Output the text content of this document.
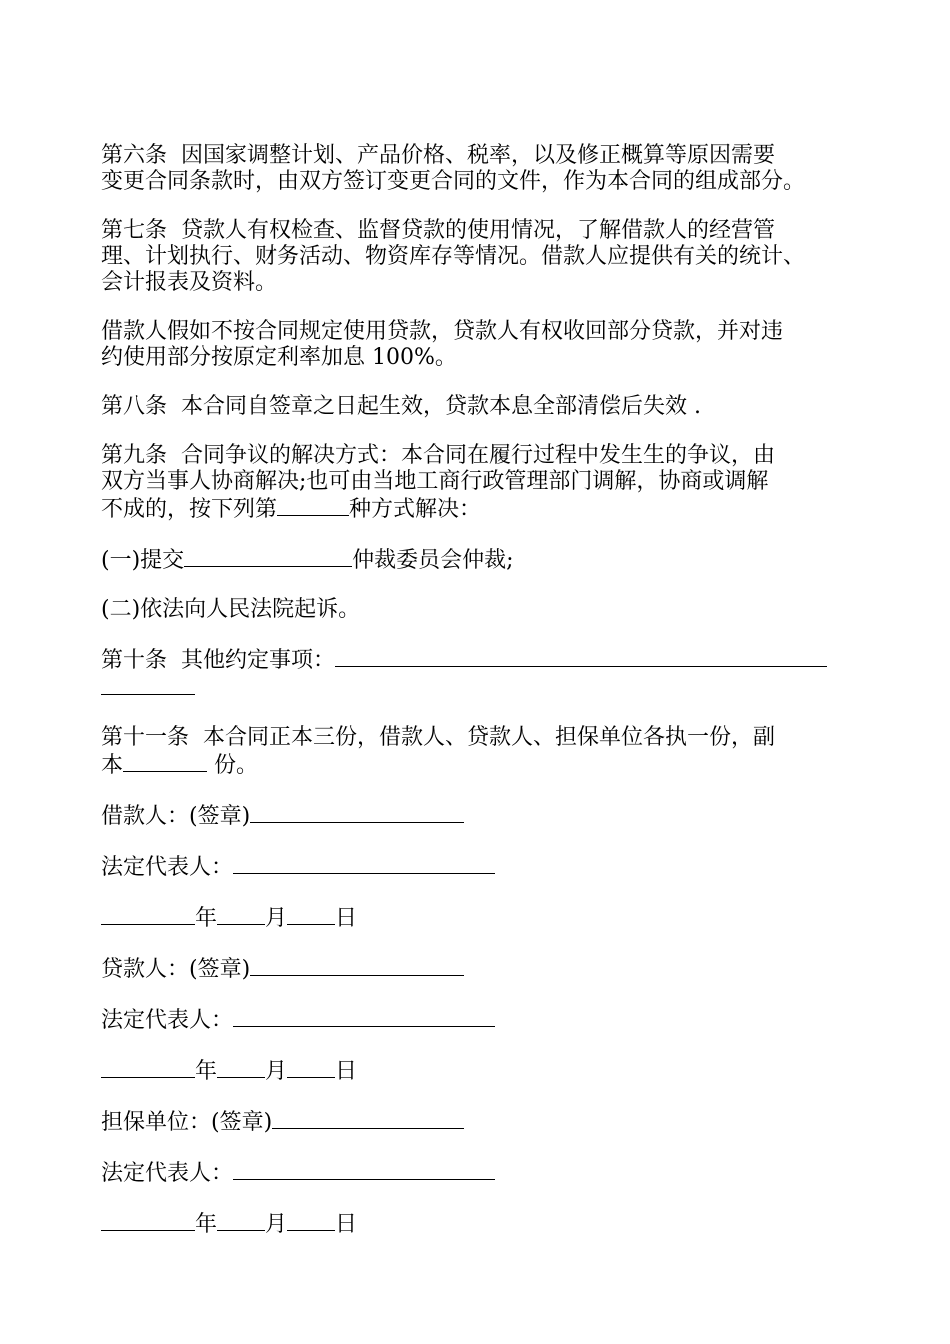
第六条 因国家调整计划、产品价格、税率，以及修正概算等原因需要
变更合同条款时，由双方签订变更合同的文件，作为本合同的组成部分。
第七条 贷款人有权检查、监督贷款的使用情况，了解借款人的经营管
理、计划执行、财务活动、物资库存等情况。借款人应提供有关的统计、
会计报表及资料。
借款人假如不按合同规定使用贷款，贷款人有权收回部分贷款，并对违
约使用部分按原定利率加息 100%。
第八条 本合同自签章之日起生效，贷款本息全部清偿后失效 .
第九条 合同争议的解决方式：本合同在履行过程中发生生的争议，由
双方当事人协商解决;也可由当地工商行政管理部门调解，协商或调解
不成的，按下列第	种方式解决：
(一)提交	仲裁委员会仲裁;
(二)依法向人民法院起诉。
第十条 其他约定事项：
第十一条 本合同正本三份，借款人、贷款人、担保单位各执一份，副
本	份。
借款人：(签章)
法定代表人：
年 月 日
贷款人：(签章)
法定代表人：
年 月 日
担保单位：(签章)
法定代表人：
年 月 日
